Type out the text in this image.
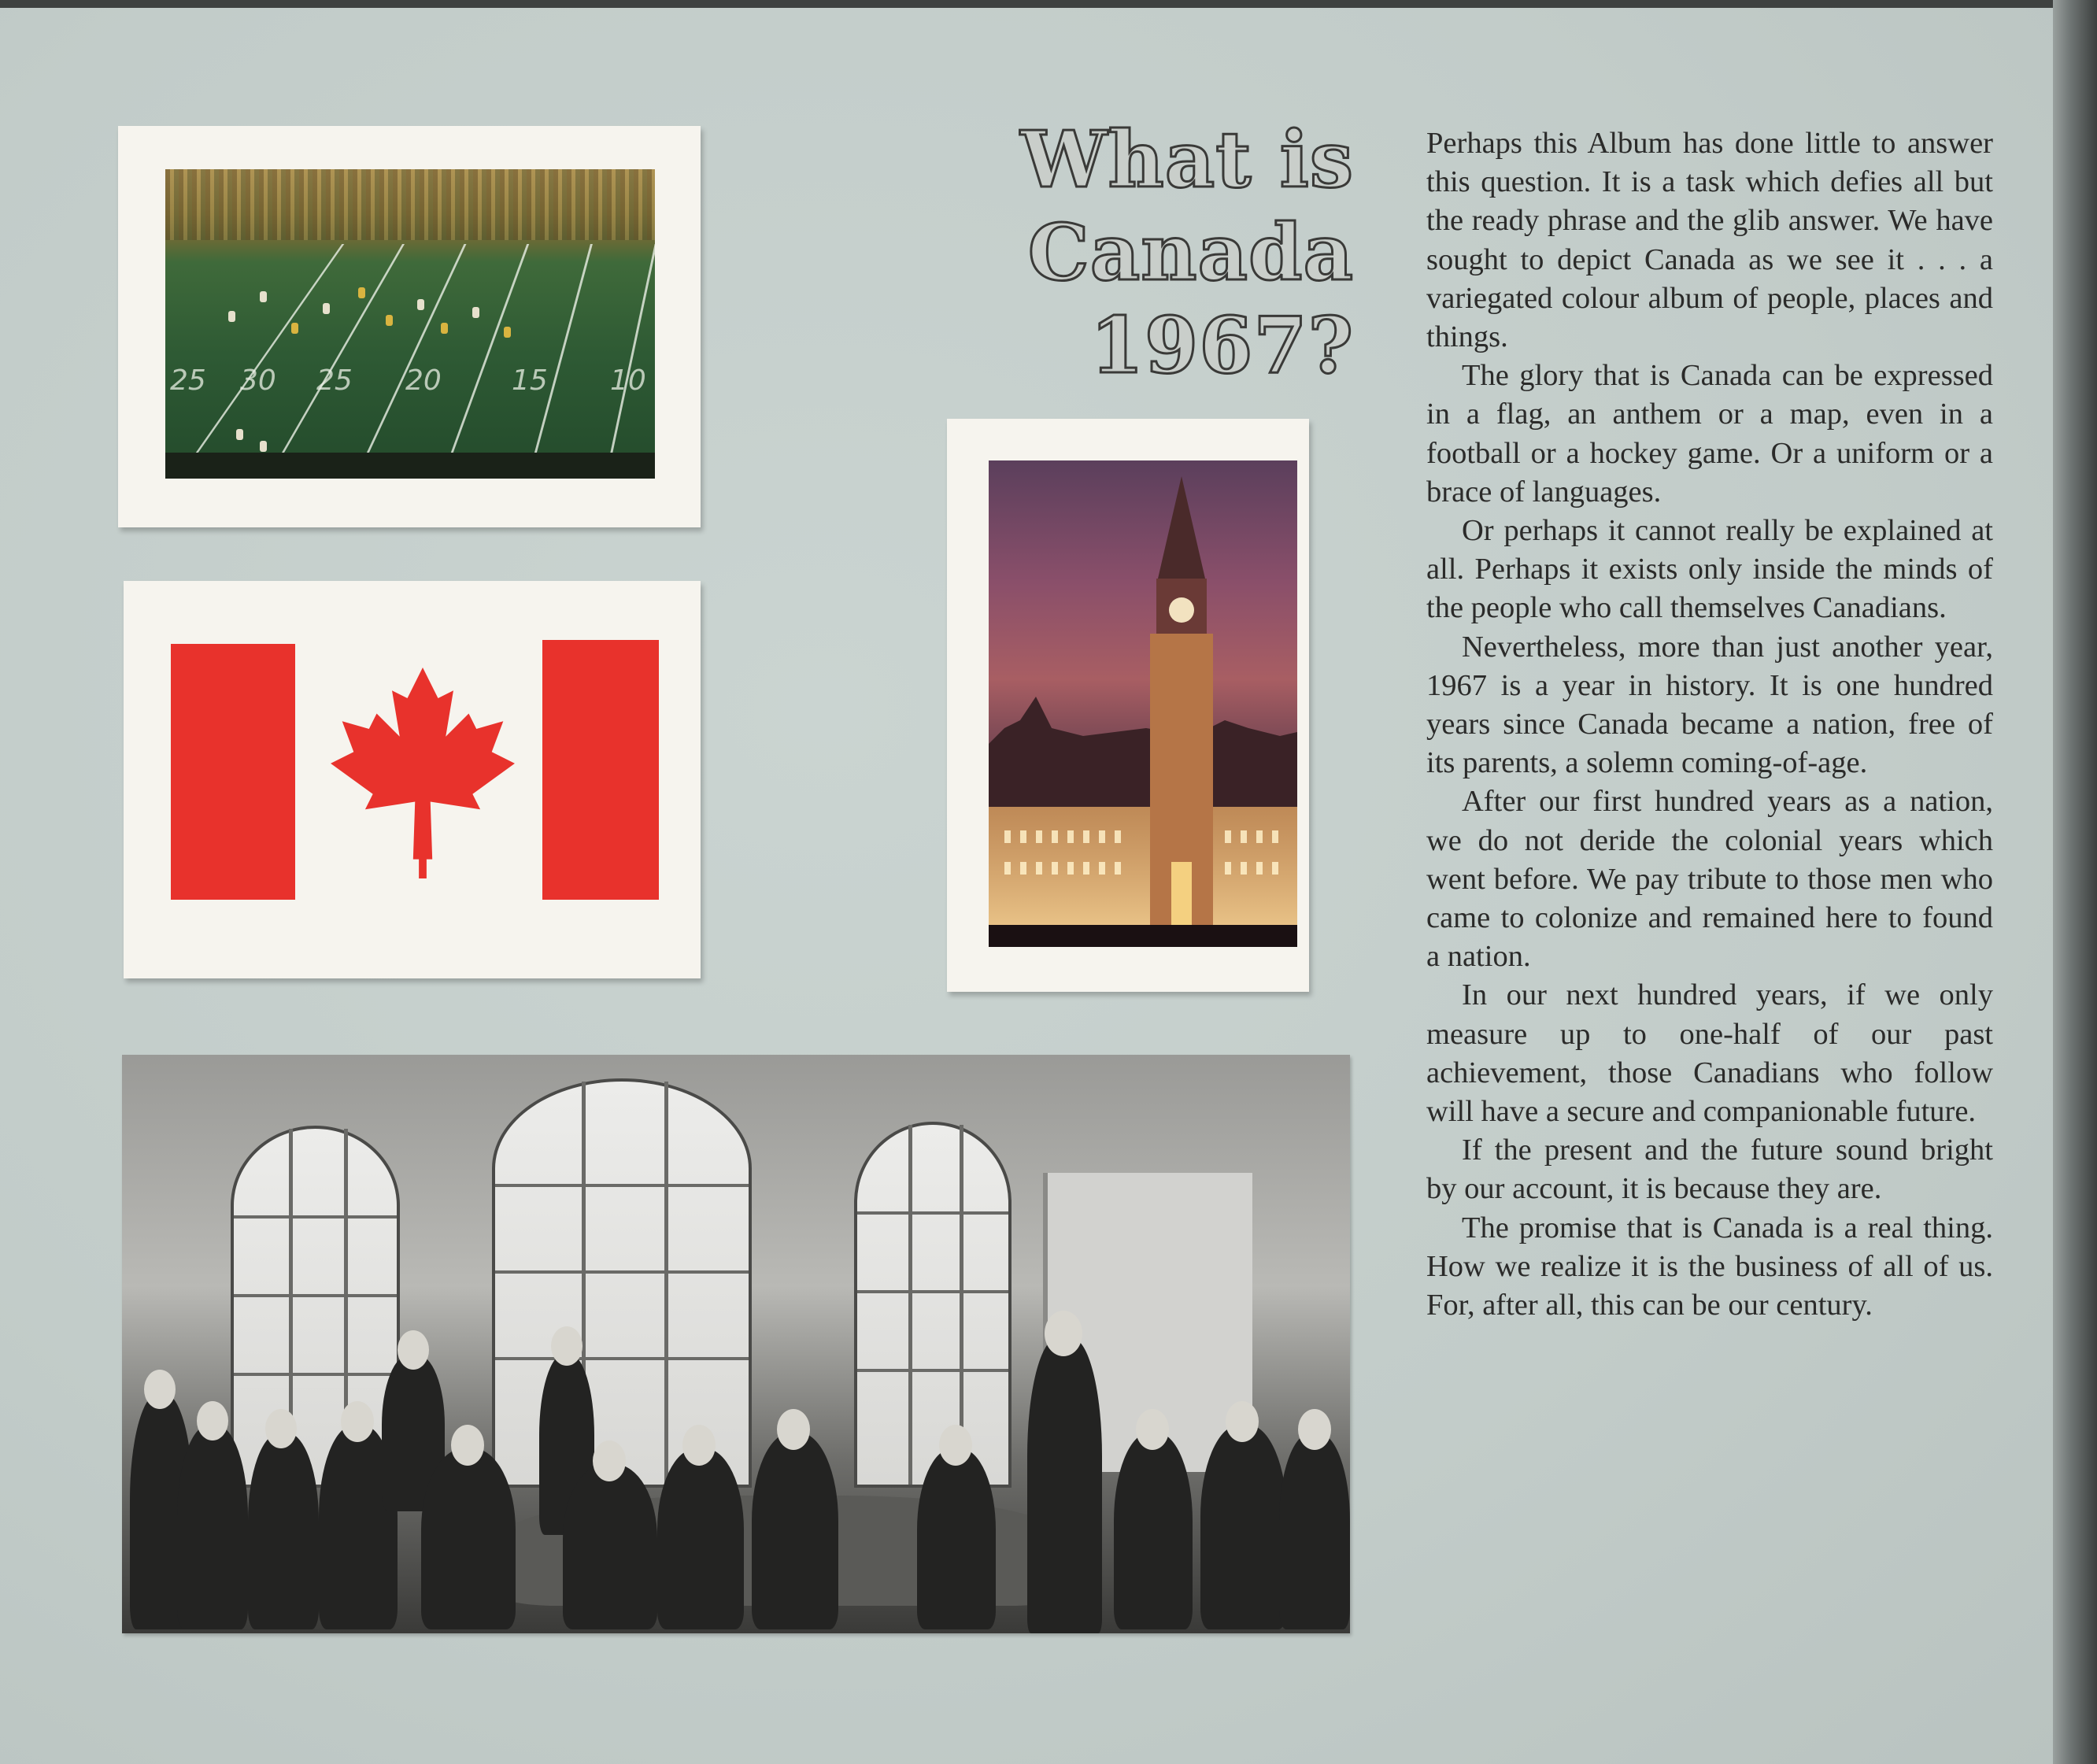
25 30 25 20 15 10
What is Canada
1967?

Perhaps this Album has done little to answer this question. It is a task which defies all but the ready phrase and the glib answer. We have sought to depict Canada as we see it . . . a variegated colour album of people, places and things.

The glory that is Canada can be expressed in a flag, an anthem or a map, even in a football or a hockey game. Or a uniform or a brace of languages.

Or perhaps it cannot really be explained at all. Perhaps it exists only inside the minds of the people who call themselves Canadians.

Nevertheless, more than just another year, 1967 is a year in history. It is one hundred years since Canada became a nation, free of its parents, a solemn coming-of-age.

After our first hundred years as a nation, we do not deride the colonial years which went before. We pay tribute to those men who came to colonize and remained here to found a nation.

In our next hundred years, if we only measure up to one-half of our past achievement, those Canadians who follow will have a secure and companionable future.

If the present and the future sound bright by our account, it is because they are.

The promise that is Canada is a real thing. How we realize it is the business of all of us. For, after all, this can be our century.
